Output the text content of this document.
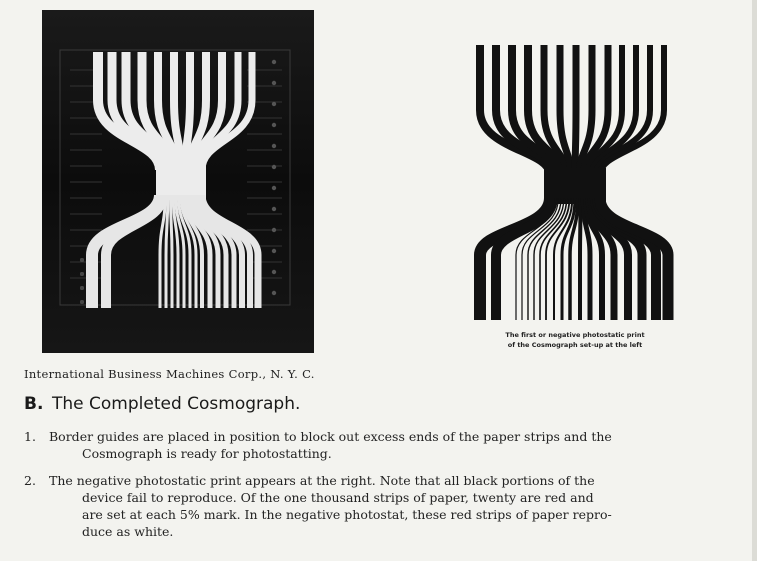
The first or negative photostatic print
of the Cosmograph set-up at the left
International Business Machines Corp., N. Y. C.
B. The Completed Cosmograph.
1.	Border guides are placed in position to block out excess ends of the paper strips and the
Cosmograph is ready for photostatting.
2.	The negative photostatic print appears at the right. Note that all black portions of the
device fail to reproduce. Of the one thousand strips of paper, twenty are red and
are set at each 5% mark. In the negative photostat, these red strips of paper repro-
duce as white.
